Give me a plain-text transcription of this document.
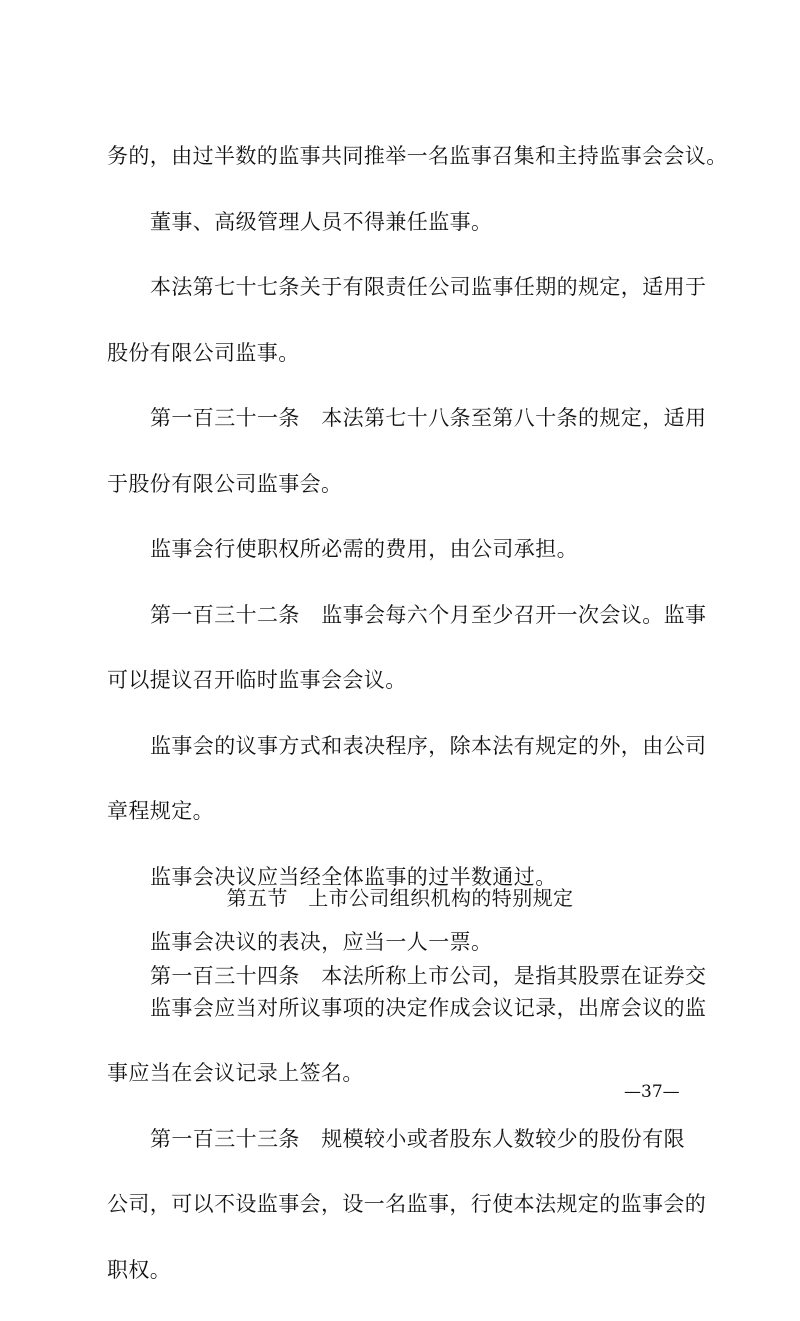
务的，由过半数的监事共同推举一名监事召集和主持监事会会议。
董事、高级管理人员不得兼任监事。
本法第七十七条关于有限责任公司监事任期的规定，适用于
股份有限公司监事。
第一百三十一条　本法第七十八条至第八十条的规定，适用
于股份有限公司监事会。
监事会行使职权所必需的费用，由公司承担。
第一百三十二条　监事会每六个月至少召开一次会议。监事
可以提议召开临时监事会会议。
监事会的议事方式和表决程序，除本法有规定的外，由公司
章程规定。
监事会决议应当经全体监事的过半数通过。
监事会决议的表决，应当一人一票。
监事会应当对所议事项的决定作成会议记录，出席会议的监
事应当在会议记录上签名。
第一百三十三条　规模较小或者股东人数较少的股份有限
公司，可以不设监事会，设一名监事，行使本法规定的监事会的
职权。
第五节　上市公司组织机构的特别规定
第一百三十四条　本法所称上市公司，是指其股票在证券交
—37—
